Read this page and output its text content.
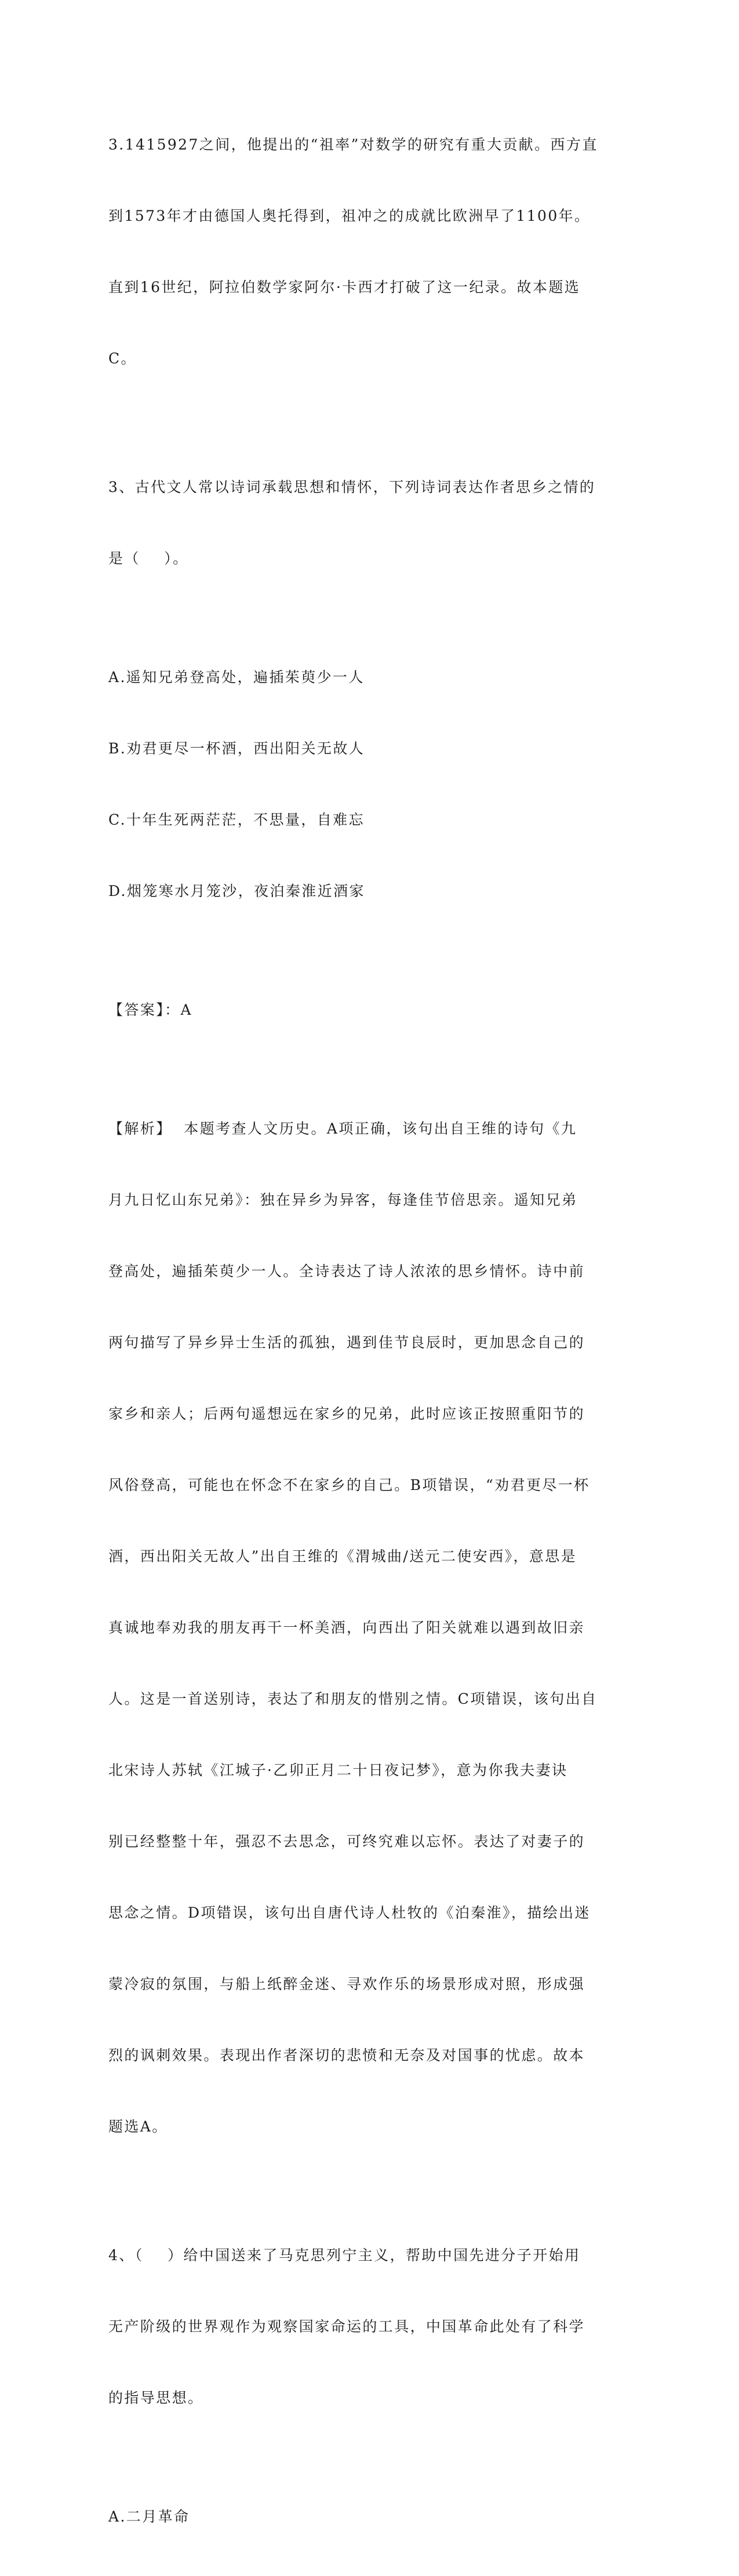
3.1415927之间，他提出的“祖率”对数学的研究有重大贡献。西方直

到1573年才由德国人奥托得到，祖冲之的成就比欧洲早了1100年。

直到16世纪，阿拉伯数学家阿尔·卡西才打破了这一纪录。故本题选

C。

3、古代文人常以诗词承载思想和情怀，下列诗词表达作者思乡之情的

是（    ）。

A.遥知兄弟登高处，遍插茱萸少一人

B.劝君更尽一杯酒，西出阳关无故人

C.十年生死两茫茫，不思量，自难忘

D.烟笼寒水月笼沙，夜泊秦淮近酒家

【答案】：A

【解析】  本题考查人文历史。A项正确，该句出自王维的诗句《九

月九日忆山东兄弟》：独在异乡为异客，每逢佳节倍思亲。遥知兄弟

登高处，遍插茱萸少一人。全诗表达了诗人浓浓的思乡情怀。诗中前

两句描写了异乡异士生活的孤独，遇到佳节良辰时，更加思念自己的

家乡和亲人；后两句遥想远在家乡的兄弟，此时应该正按照重阳节的

风俗登高，可能也在怀念不在家乡的自己。B项错误，“劝君更尽一杯

酒，西出阳关无故人”出自王维的《渭城曲/送元二使安西》，意思是

真诚地奉劝我的朋友再干一杯美酒，向西出了阳关就难以遇到故旧亲

人。这是一首送别诗，表达了和朋友的惜别之情。C项错误，该句出自

北宋诗人苏轼《江城子·乙卯正月二十日夜记梦》，意为你我夫妻诀

别已经整整十年，强忍不去思念，可终究难以忘怀。表达了对妻子的

思念之情。D项错误，该句出自唐代诗人杜牧的《泊秦淮》，描绘出迷

蒙冷寂的氛围，与船上纸醉金迷、寻欢作乐的场景形成对照，形成强

烈的讽刺效果。表现出作者深切的悲愤和无奈及对国事的忧虑。故本

题选A。

4、（    ）给中国送来了马克思列宁主义，帮助中国先进分子开始用

无产阶级的世界观作为观察国家命运的工具，中国革命此处有了科学

的指导思想。

A.二月革命
